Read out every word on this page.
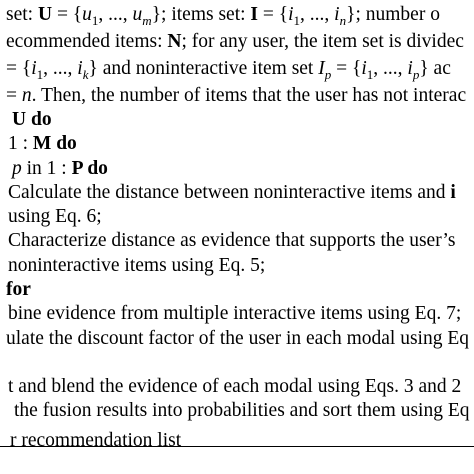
set: $U = \{u_1$, ..., $u_m$}; items set: $I = \{i_1$, ..., $i_n$}; number o
ecommended items: N; for any user, the item set is dividec
= {$i_1$, ..., $i_k$} and noninteractive item set $I_p = \{i_1$, ..., $i_p$} ac
= n. Then, the number of items that the user has not interac
U do
1 : M do
p in 1 : P do
Calculate the distance between noninteractive items and i
using Eq. 6;
Characterize distance as evidence that supports the user’s
noninteractive items using Eq. 5;
for
bine evidence from multiple interactive items using Eq. 7;
ulate the discount factor of the user in each modal using Eq
t and blend the evidence of each modal using Eqs. 3 and 2
the fusion results into probabilities and sort them using Eq
r recommendation list
